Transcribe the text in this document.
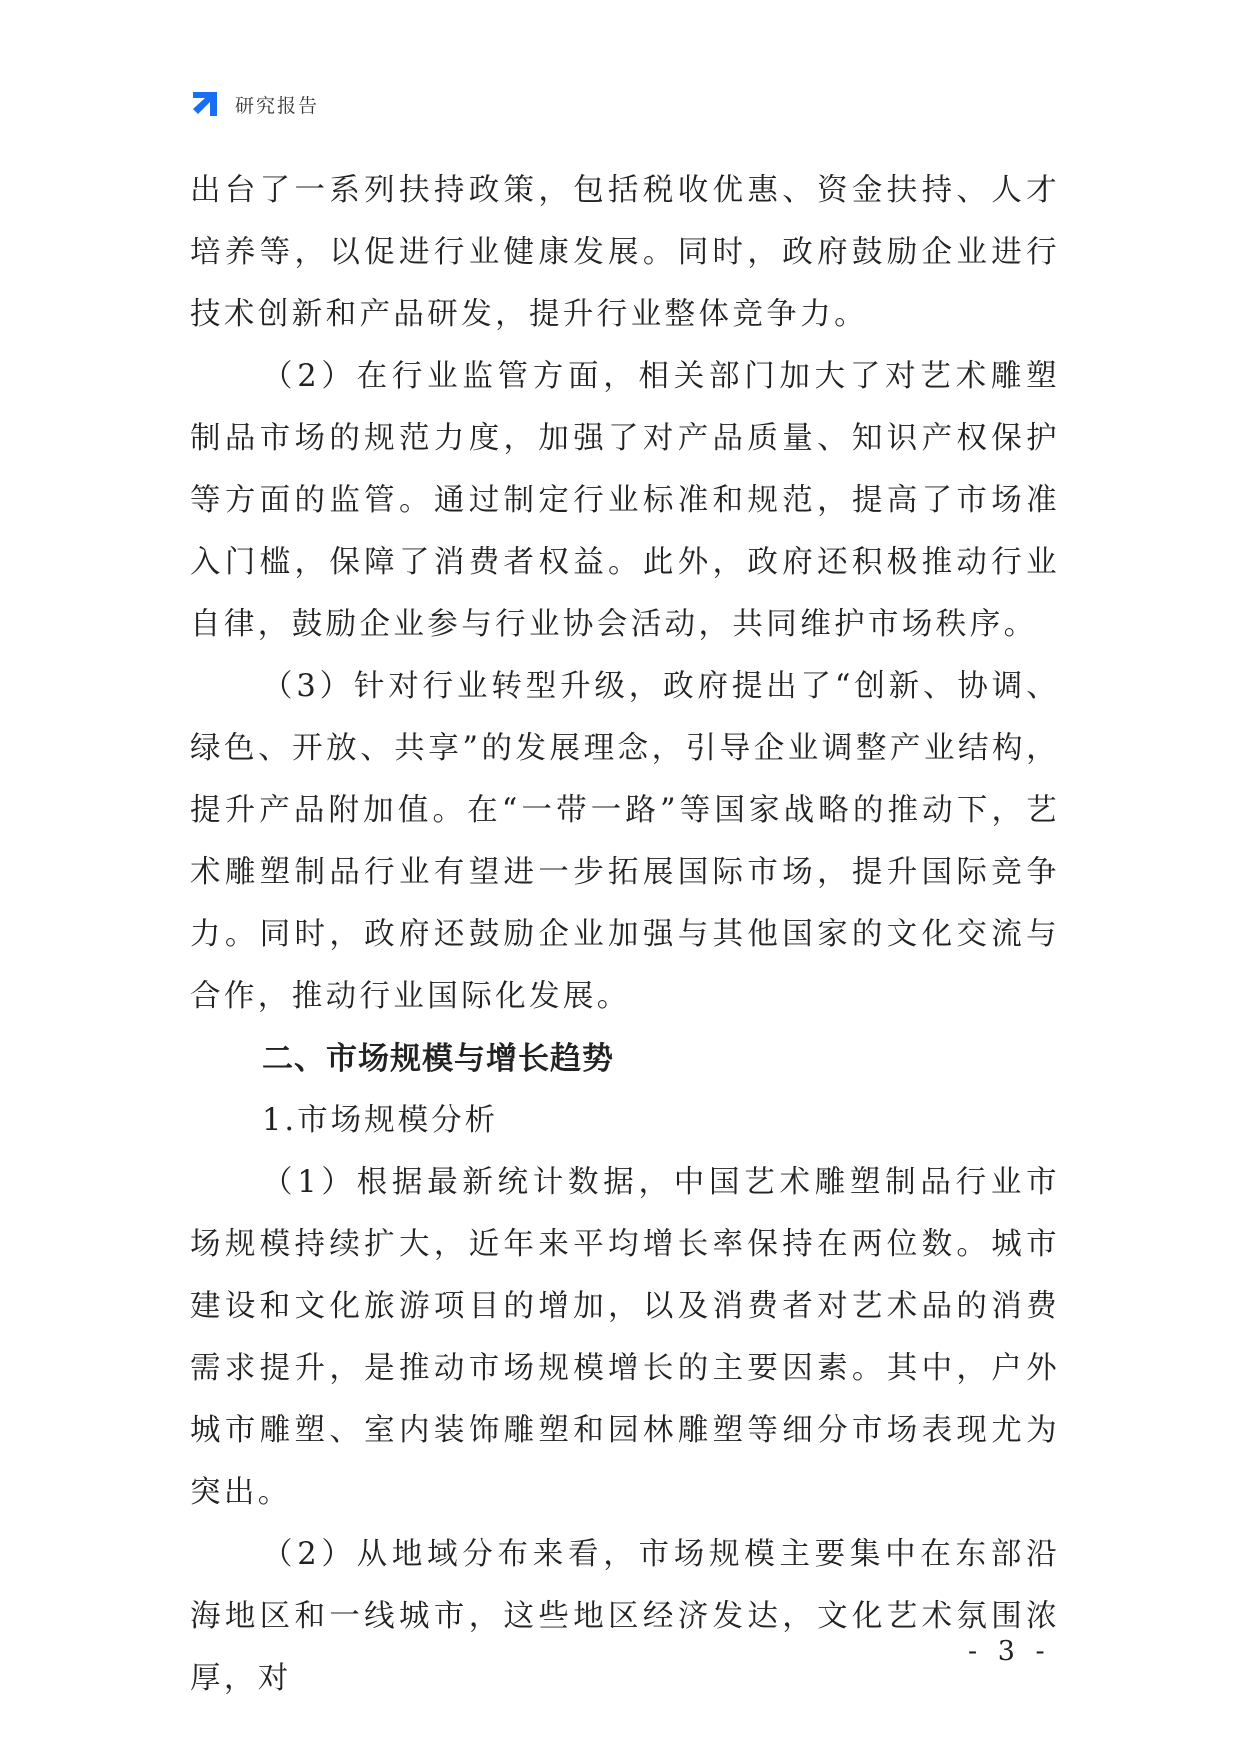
研究报告

出台了一系列扶持政策，包括税收优惠、资金扶持、人才培养等，以促进行业健康发展。同时，政府鼓励企业进行技术创新和产品研发，提升行业整体竞争力。

（2）在行业监管方面，相关部门加大了对艺术雕塑制品市场的规范力度，加强了对产品质量、知识产权保护等方面的监管。通过制定行业标准和规范，提高了市场准入门槛，保障了消费者权益。此外，政府还积极推动行业自律，鼓励企业参与行业协会活动，共同维护市场秩序。

（3）针对行业转型升级，政府提出了“创新、协调、绿色、开放、共享”的发展理念，引导企业调整产业结构，提升产品附加值。在“一带一路”等国家战略的推动下，艺术雕塑制品行业有望进一步拓展国际市场，提升国际竞争力。同时，政府还鼓励企业加强与其他国家的文化交流与合作，推动行业国际化发展。

二、市场规模与增长趋势

1.市场规模分析

（1）根据最新统计数据，中国艺术雕塑制品行业市场规模持续扩大，近年来平均增长率保持在两位数。城市建设和文化旅游项目的增加，以及消费者对艺术品的消费需求提升，是推动市场规模增长的主要因素。其中，户外城市雕塑、室内装饰雕塑和园林雕塑等细分市场表现尤为突出。

（2）从地域分布来看，市场规模主要集中在东部沿海地区和一线城市，这些地区经济发达，文化艺术氛围浓厚，对

- 3 -
